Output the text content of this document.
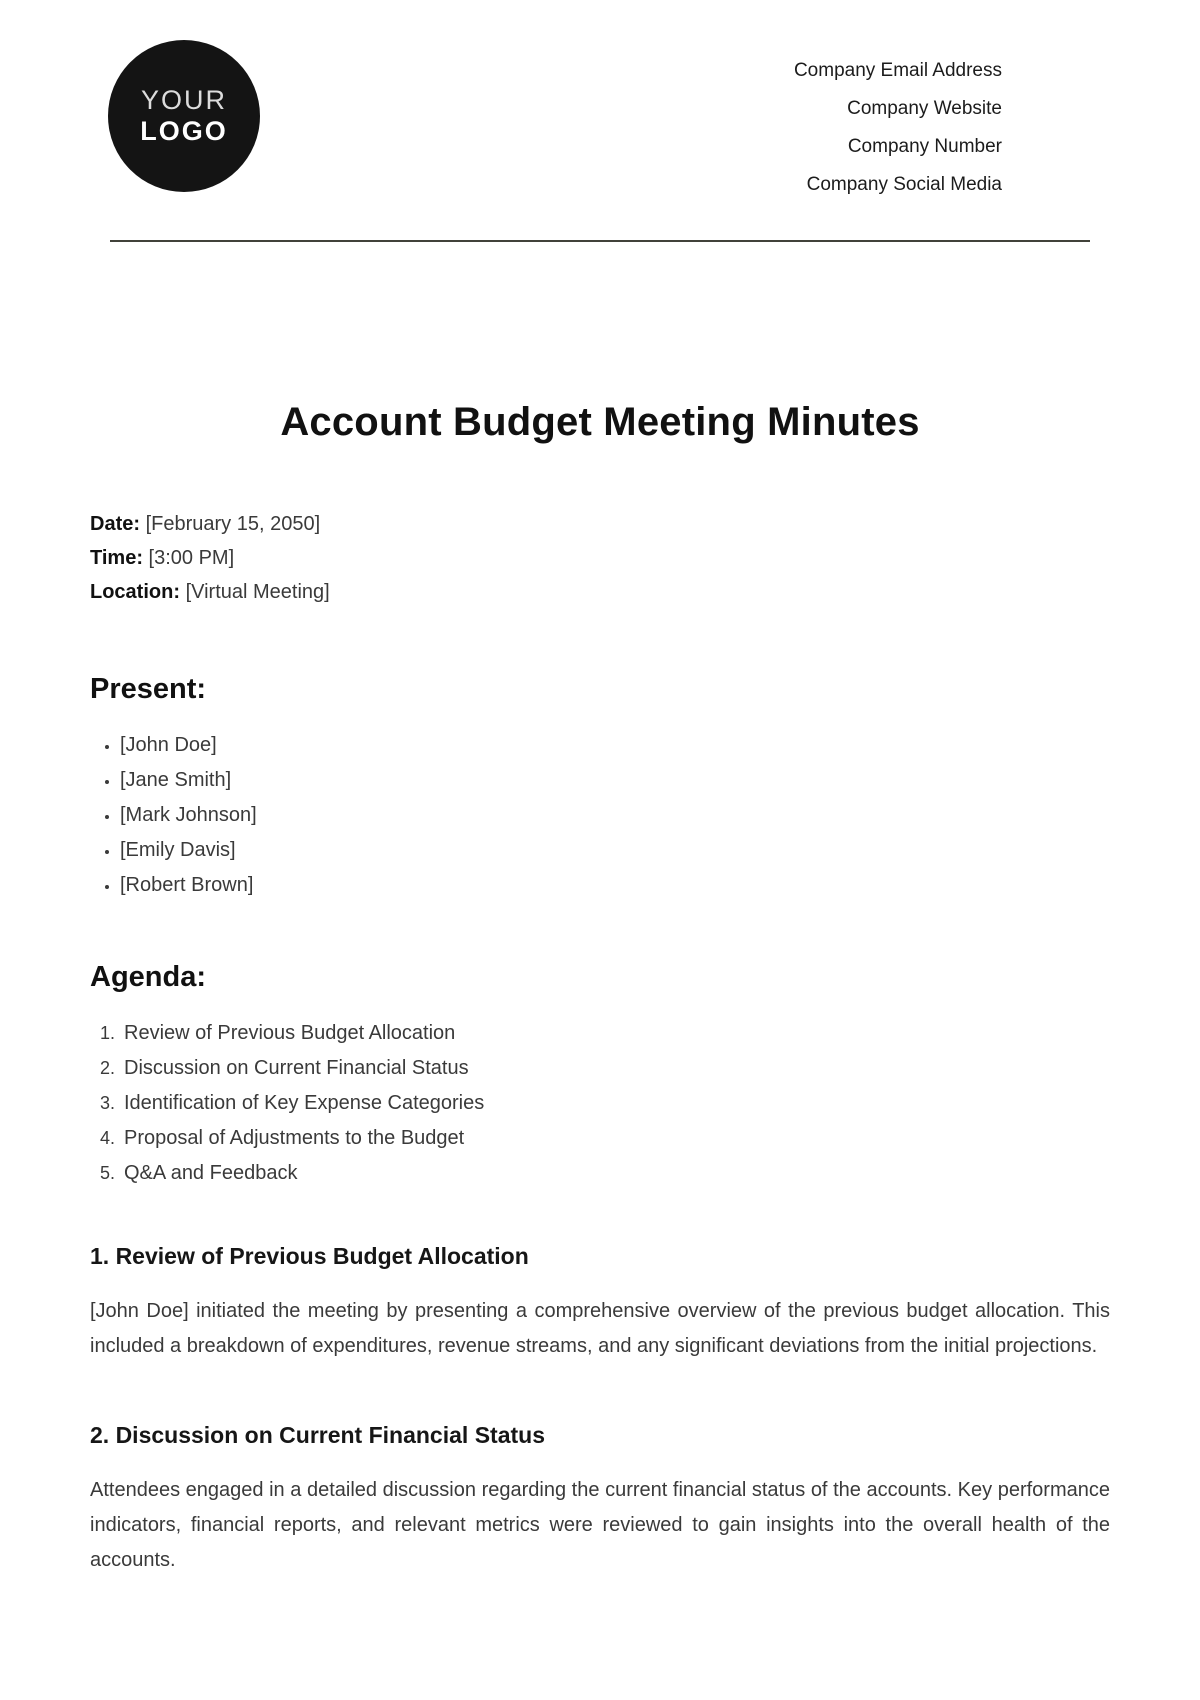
YOUR
LOGO
Company Email Address
Company Website
Company Number
Company Social Media
Account Budget Meeting Minutes
Date: [February 15, 2050]
Time: [3:00 PM]
Location: [Virtual Meeting]
Present:
• [John Doe]
• [Jane Smith]
• [Mark Johnson]
• [Emily Davis]
• [Robert Brown]
Agenda:
1. Review of Previous Budget Allocation
2. Discussion on Current Financial Status
3. Identification of Key Expense Categories
4. Proposal of Adjustments to the Budget
5. Q&A and Feedback
1. Review of Previous Budget Allocation

[John Doe] initiated the meeting by presenting a comprehensive overview of the previous budget allocation. This included a breakdown of expenditures, revenue streams, and any significant deviations from the initial projections.

2. Discussion on Current Financial Status

Attendees engaged in a detailed discussion regarding the current financial status of the accounts. Key performance indicators, financial reports, and relevant metrics were reviewed to gain insights into the overall health of the accounts.
